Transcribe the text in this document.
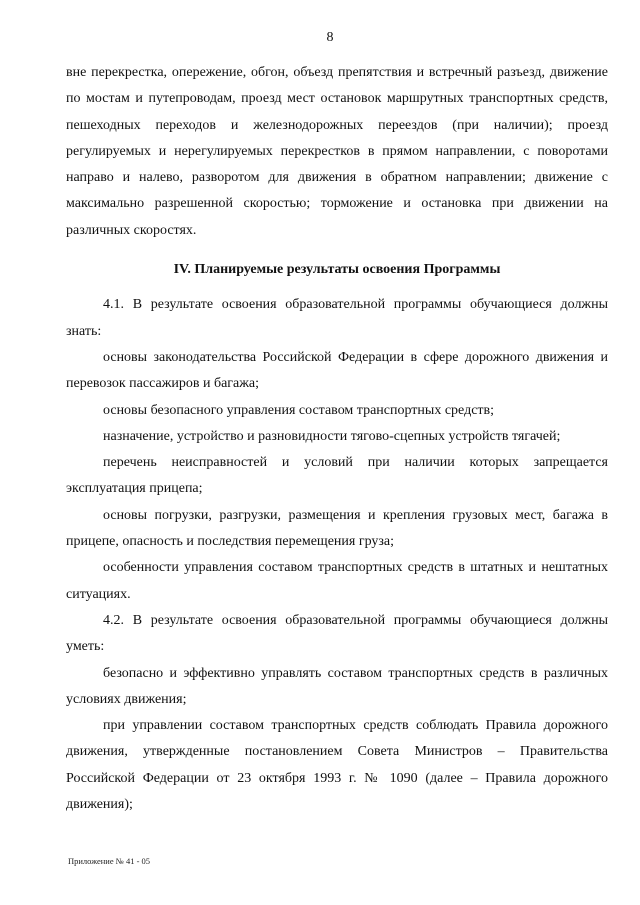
8

вне перекрестка, опережение, обгон, объезд препятствия и встречный разъезд, движение по мостам и путепроводам, проезд мест остановок маршрутных транспортных средств, пешеходных переходов и железнодорожных переездов (при наличии); проезд регулируемых и нерегулируемых перекрестков в прямом направлении, с поворотами направо и налево, разворотом для движения в обратном направлении; движение с максимально разрешенной скоростью; торможение и остановка при движении на различных скоростях.

IV. Планируемые результаты освоения Программы

4.1. В результате освоения образовательной программы обучающиеся должны знать:

основы законодательства Российской Федерации в сфере дорожного движения и перевозок пассажиров и багажа;

основы безопасного управления составом транспортных средств;

назначение, устройство и разновидности тягово-сцепных устройств тягачей;

перечень неисправностей и условий при наличии которых запрещается эксплуатация прицепа;

основы погрузки, разгрузки, размещения и крепления грузовых мест, багажа в прицепе, опасность и последствия перемещения груза;

особенности управления составом транспортных средств в штатных и нештатных ситуациях.

4.2. В результате освоения образовательной программы обучающиеся должны уметь:

безопасно и эффективно управлять составом транспортных средств в различных условиях движения;

при управлении составом транспортных средств соблюдать Правила дорожного движения, утвержденные постановлением Совета Министров – Правительства Российской Федерации от 23 октября 1993 г. № 1090 (далее – Правила дорожного движения);

Приложение № 41 - 05
